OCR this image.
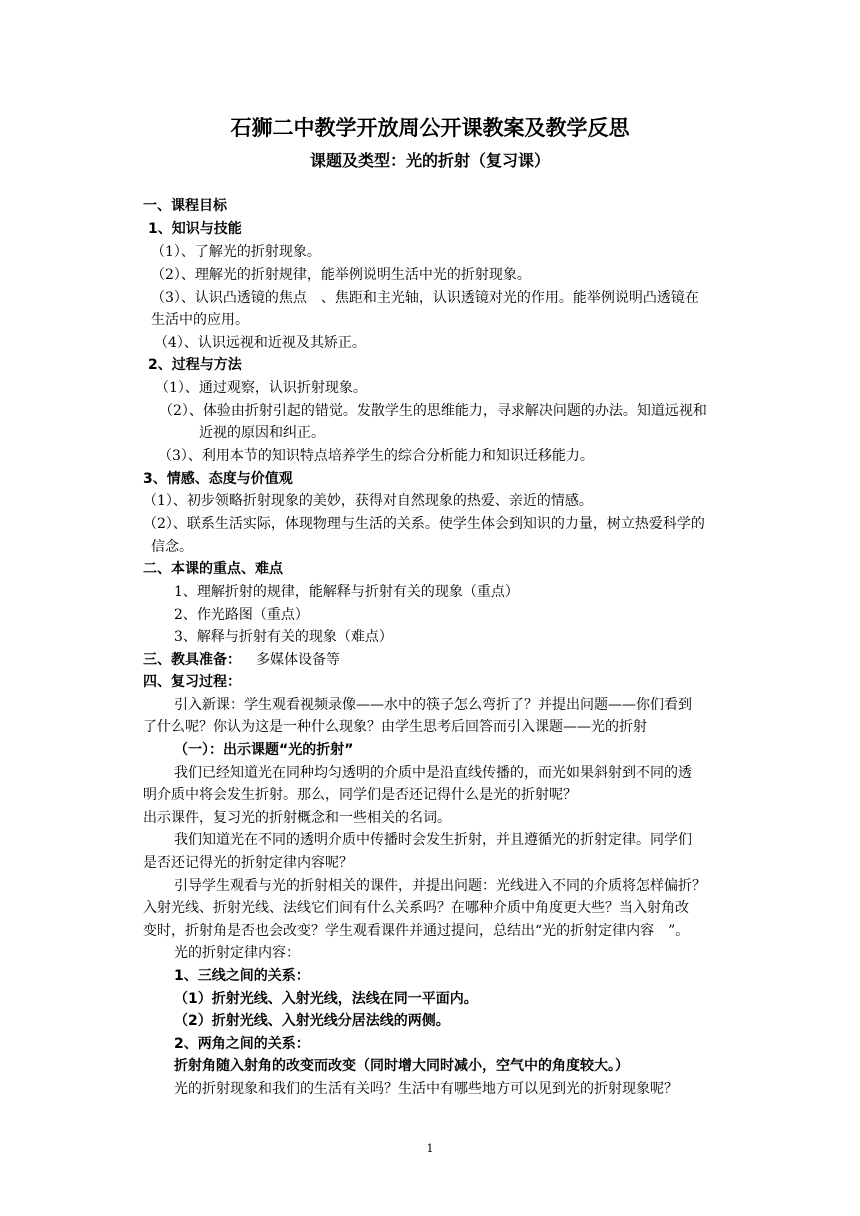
石狮二中教学开放周公开课教案及教学反思
课题及类型：光的折射（复习课）
一、课程目标
1、知识与技能
（1）、了解光的折射现象。
（2）、理解光的折射规律，能举例说明生活中光的折射现象。
（3）、认识凸透镜的焦点　、焦距和主光轴，认识透镜对光的作用。能举例说明凸透镜在
生活中的应用。
（4）、认识远视和近视及其矫正。
2、过程与方法
（1）、通过观察，认识折射现象。
（2）、体验由折射引起的错觉。发散学生的思维能力，寻求解决问题的办法。知道远视和
近视的原因和纠正。
（3）、利用本节的知识特点培养学生的综合分析能力和知识迁移能力。
3、情感、态度与价值观
（1）、初步领略折射现象的美妙，获得对自然现象的热爱、亲近的情感。
（2）、联系生活实际，体现物理与生活的关系。使学生体会到知识的力量，树立热爱科学的
信念。
二、本课的重点、难点
1、理解折射的规律，能解释与折射有关的现象（重点）
2、作光路图（重点）
3、解释与折射有关的现象（难点）
三、教具准备： 多媒体设备等
四、复习过程：
引入新课：学生观看视频录像——水中的筷子怎么弯折了？并提出问题——你们看到
了什么呢？你认为这是一种什么现象？由学生思考后回答而引入课题——光的折射
（一）：出示课题“光的折射”
我们已经知道光在同种均匀透明的介质中是沿直线传播的，而光如果斜射到不同的透
明介质中将会发生折射。那么，同学们是否还记得什么是光的折射呢？
出示课件，复习光的折射概念和一些相关的名词。
我们知道光在不同的透明介质中传播时会发生折射，并且遵循光的折射定律。同学们
是否还记得光的折射定律内容呢？
引导学生观看与光的折射相关的课件，并提出问题：光线进入不同的介质将怎样偏折？
入射光线、折射光线、法线它们间有什么关系吗？在哪种介质中角度更大些？当入射角改
变时，折射角是否也会改变？学生观看课件并通过提问，总结出“光的折射定律内容　”。
光的折射定律内容：
1、三线之间的关系：
（1）折射光线、入射光线，法线在同一平面内。
（2）折射光线、入射光线分居法线的两侧。
2、两角之间的关系：
折射角随入射角的改变而改变（同时增大同时减小，空气中的角度较大。）
光的折射现象和我们的生活有关吗？生活中有哪些地方可以见到光的折射现象呢？
1
